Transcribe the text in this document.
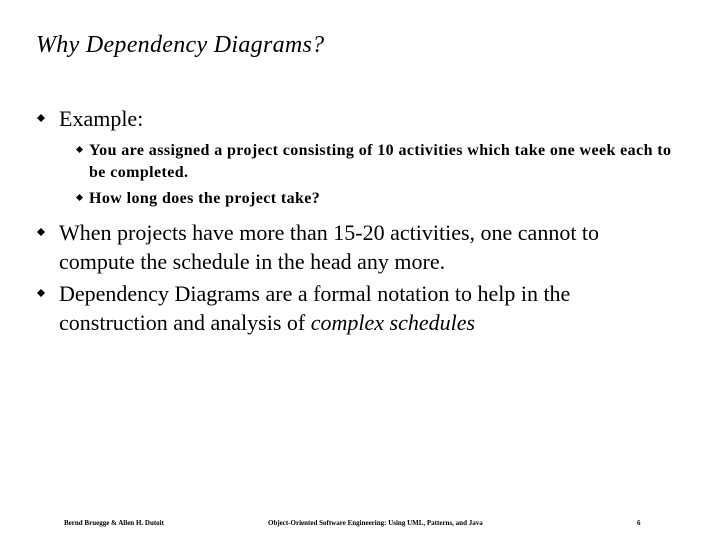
Why Dependency Diagrams?
Example:
You are assigned a project consisting of 10 activities which take one week each to be completed.
How long does the project take?
When projects have more than 15-20 activities, one cannot to compute the schedule in the head any more.
Dependency Diagrams are a formal notation to help in the construction and analysis of complex schedules
Bernd Bruegge & Allen H. Dutoit	Object-Oriented Software Engineering: Using UML, Patterns, and Java	6
